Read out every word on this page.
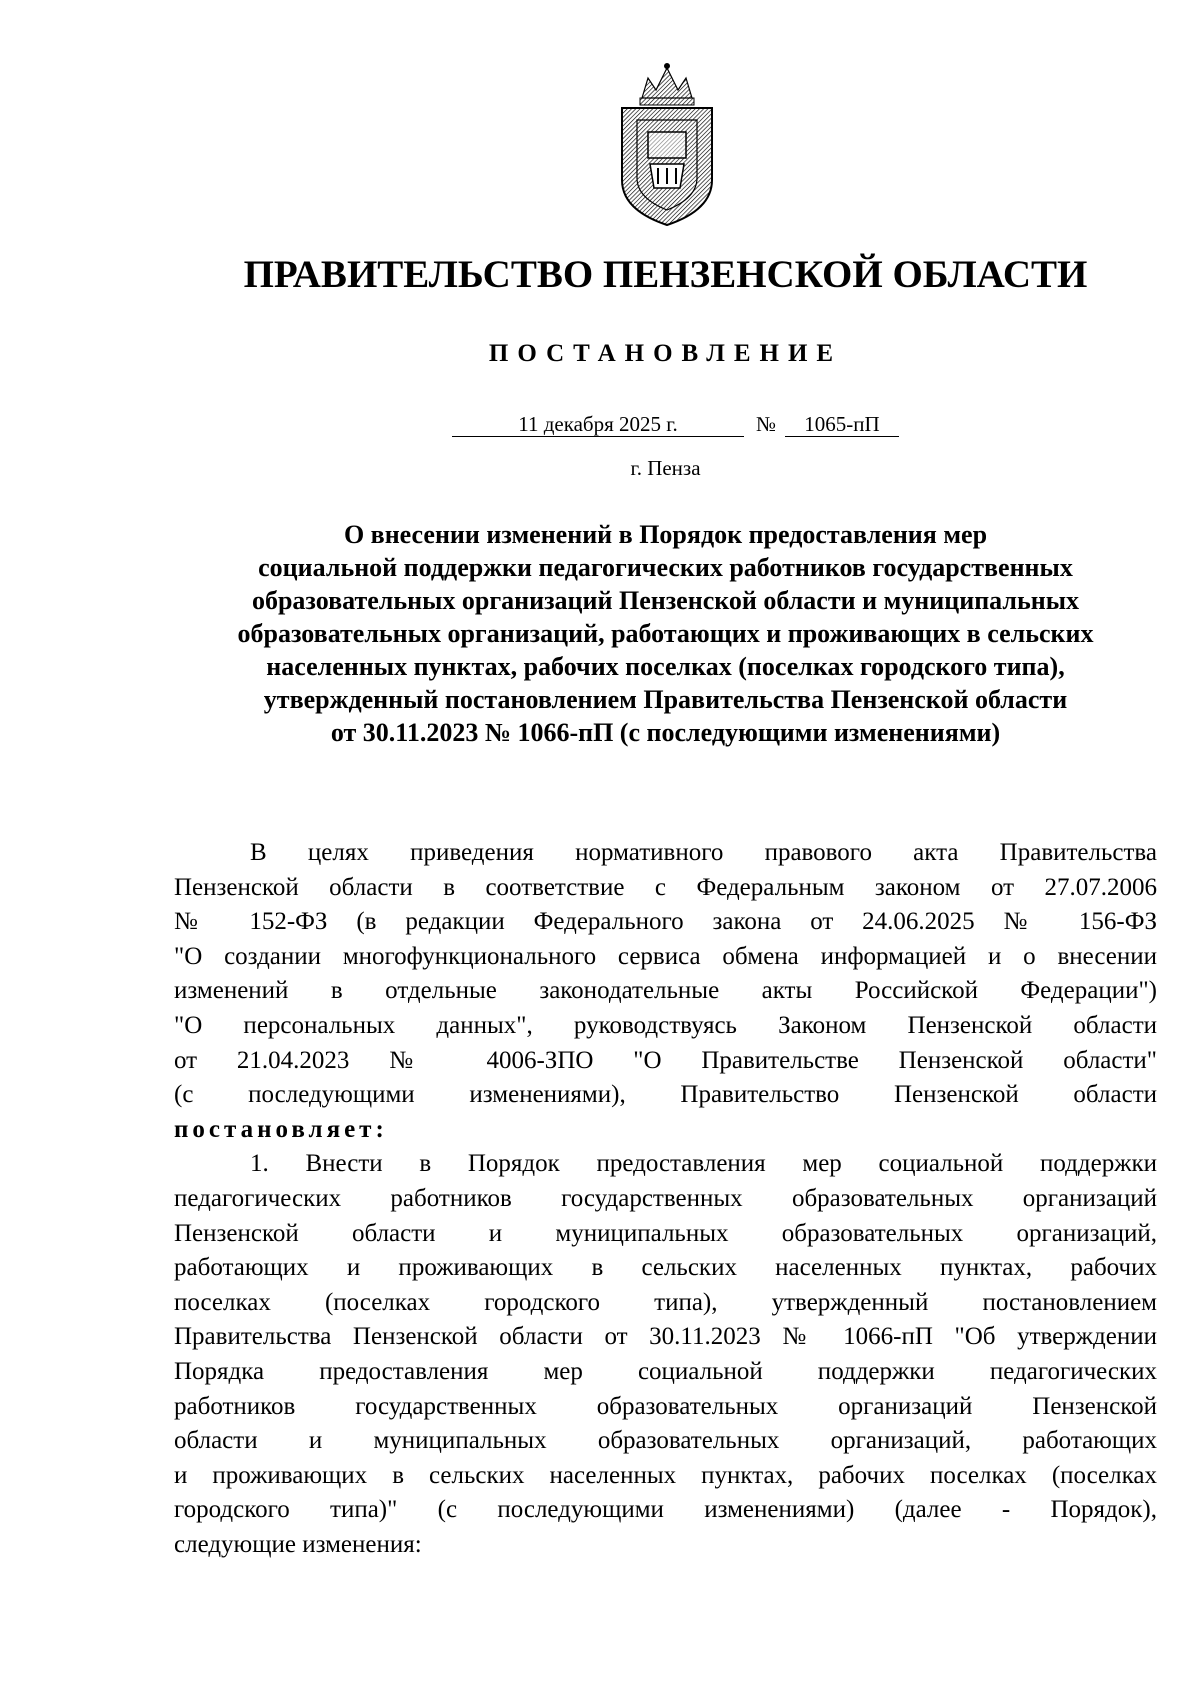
ПРАВИТЕЛЬСТВО ПЕНЗЕНСКОЙ ОБЛАСТИ
ПОСТАНОВЛЕНИЕ
11 декабря 2025 г.	№	1065-пП
г. Пенза
О внесении изменений в Порядок предоставления мер
социальной поддержки педагогических работников государственных
образовательных организаций Пензенской области и муниципальных
образовательных организаций, работающих и проживающих в сельских
населенных пунктах, рабочих поселках (поселках городского типа),
утвержденный постановлением Правительства Пензенской области
от 30.11.2023 № 1066-пП (с последующими изменениями)
В целях приведения нормативного правового акта Правительства
Пензенской области в соответствие с Федеральным законом от 27.07.2006
№ 152-ФЗ (в редакции Федерального закона от 24.06.2025 № 156-ФЗ
"О создании многофункционального сервиса обмена информацией и о внесении
изменений в отдельные законодательные акты Российской Федерации")
"О персональных данных", руководствуясь Законом Пензенской области
от 21.04.2023 № 4006-ЗПО "О Правительстве Пензенской области"
(с последующими изменениями), Правительство Пензенской области
постановляет:
1. Внести в Порядок предоставления мер социальной поддержки
педагогических работников государственных образовательных организаций
Пензенской области и муниципальных образовательных организаций,
работающих и проживающих в сельских населенных пунктах, рабочих
поселках (поселках городского типа), утвержденный постановлением
Правительства Пензенской области от 30.11.2023 № 1066-пП "Об утверждении
Порядка предоставления мер социальной поддержки педагогических
работников государственных образовательных организаций Пензенской
области и муниципальных образовательных организаций, работающих
и проживающих в сельских населенных пунктах, рабочих поселках (поселках
городского типа)" (с последующими изменениями) (далее - Порядок),
следующие изменения:
